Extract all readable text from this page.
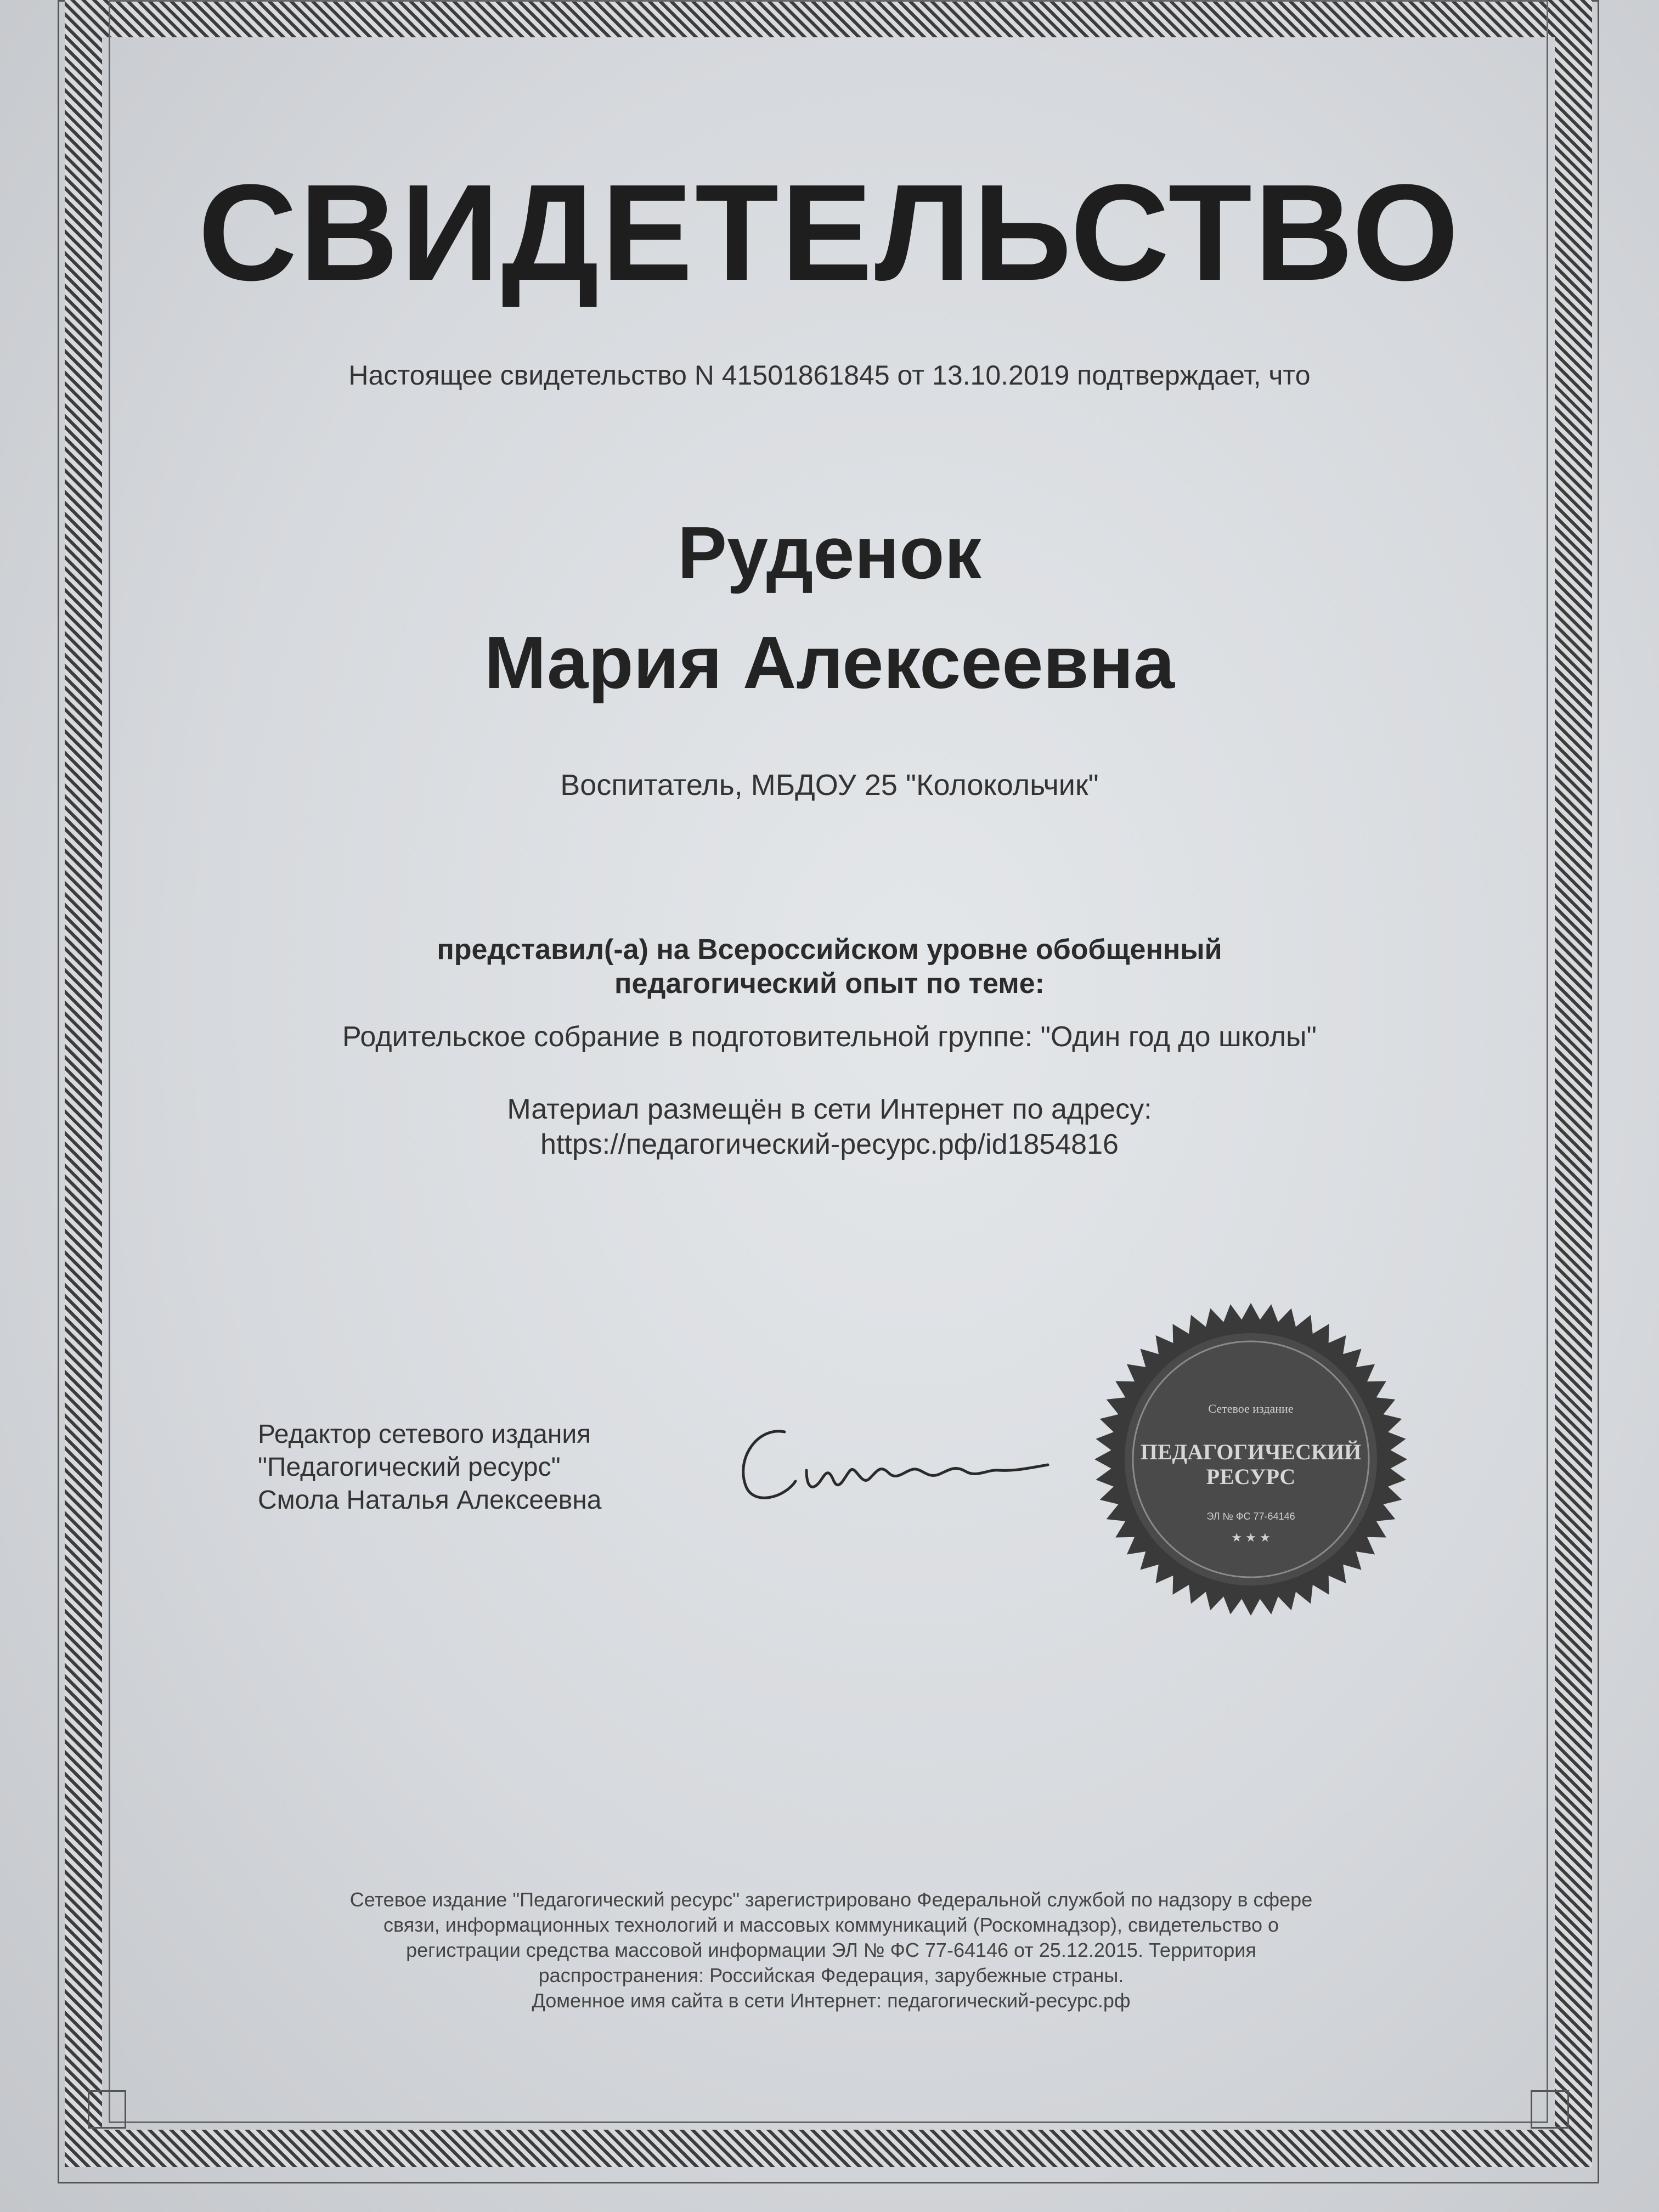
СВИДЕТЕЛЬСТВО
Настоящее свидетельство N 41501861845 от 13.10.2019 подтверждает, что
Руденок
Мария Алексеевна
Воспитатель, МБДОУ 25 "Колокольчик"
представил(-а) на Всероссийском уровне обобщенный
педагогический опыт по теме:
Родительское собрание в подготовительной группе: "Один год до школы"
Материал размещён в сети Интернет по адресу:
https://педагогический-ресурс.рф/id1854816
Редактор сетевого издания
"Педагогический ресурс"
Смола Наталья Алексеевна
Сетевое издание
ПЕДАГОГИЧЕСКИЙ
РЕСУРС
ЭЛ № ФС 77-64146
★ ★ ★
Сетевое издание "Педагогический ресурс" зарегистрировано Федеральной службой по надзору в сфере
связи, информационных технологий и массовых коммуникаций (Роскомнадзор), свидетельство о
регистрации средства массовой информации ЭЛ № ФС 77-64146 от 25.12.2015. Территория
распространения: Российская Федерация, зарубежные страны.
Доменное имя сайта в сети Интернет: педагогический-ресурс.рф
